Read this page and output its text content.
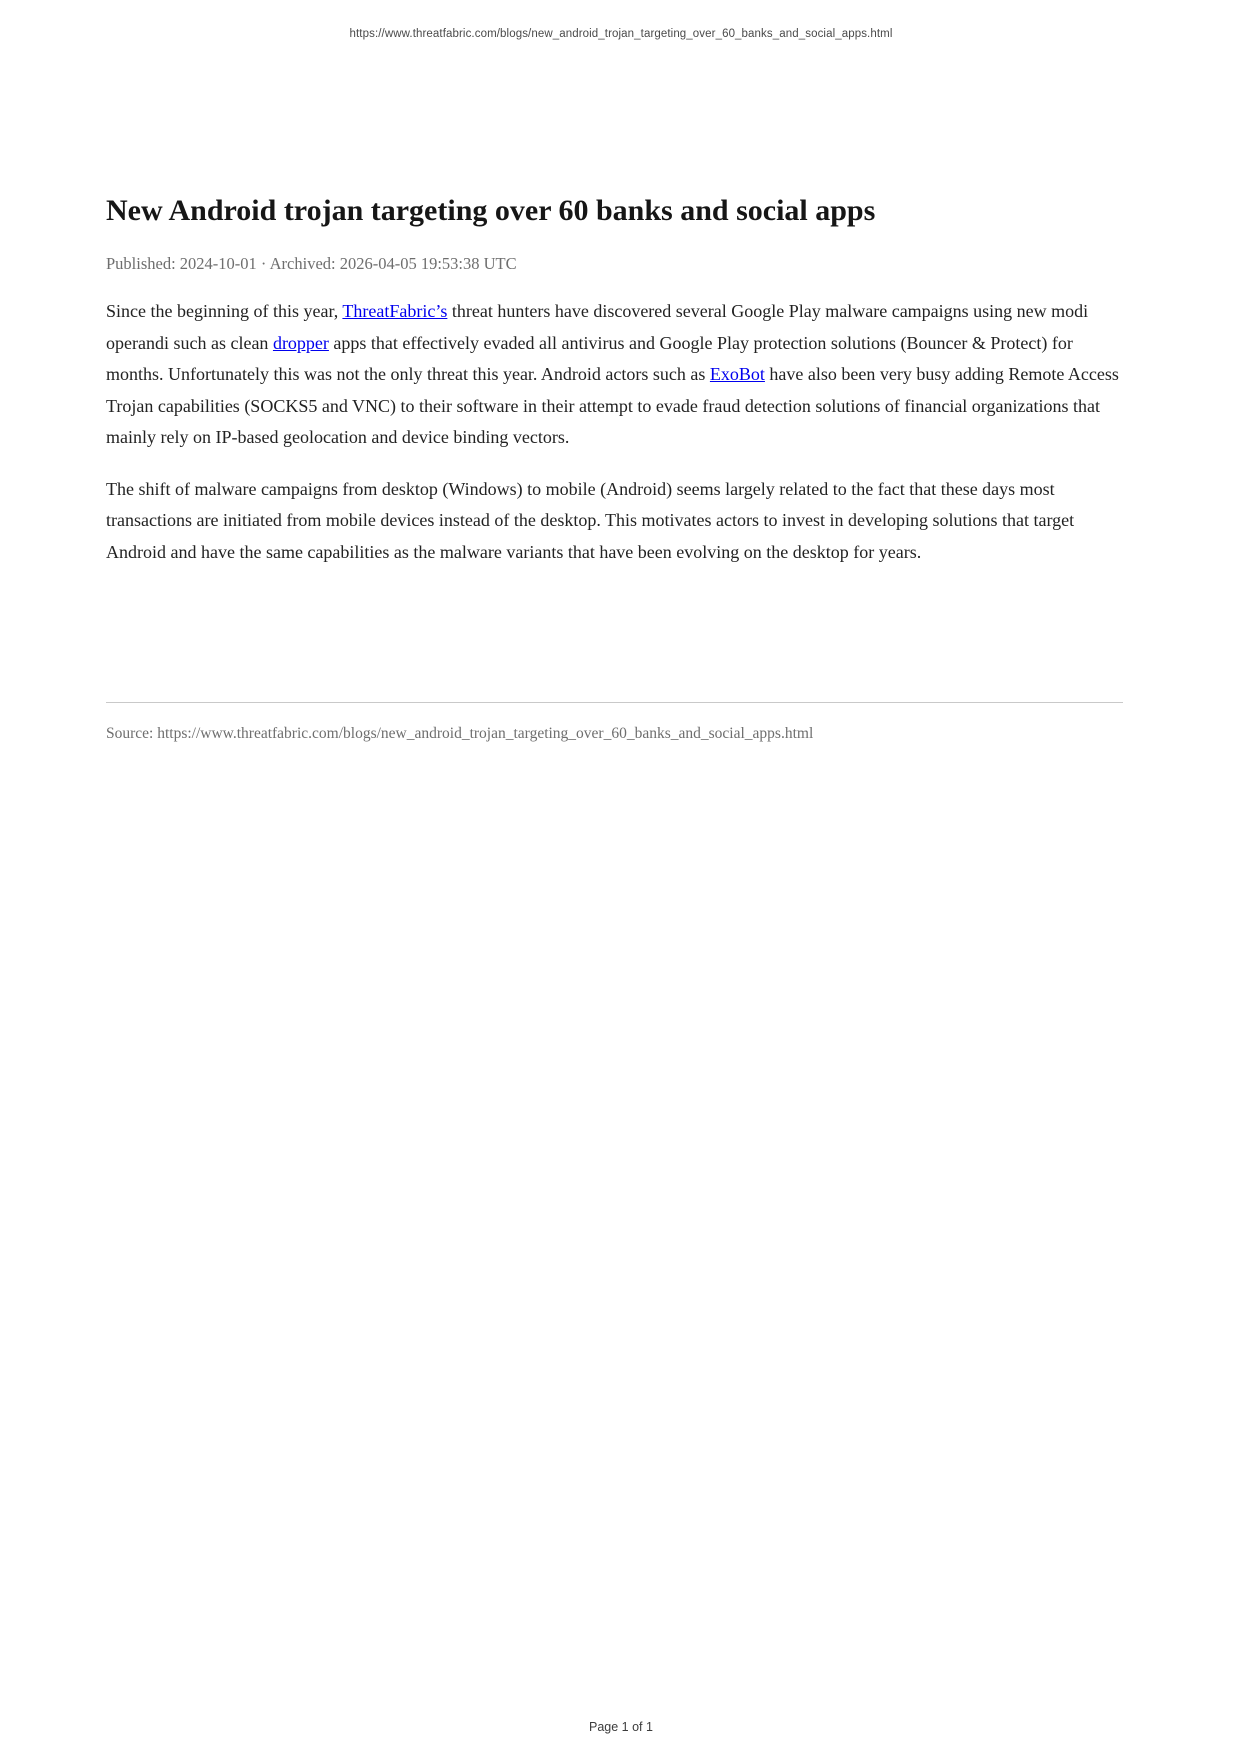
https://www.threatfabric.com/blogs/new_android_trojan_targeting_over_60_banks_and_social_apps.html
New Android trojan targeting over 60 banks and social apps
Published: 2024-10-01 · Archived: 2026-04-05 19:53:38 UTC

Since the beginning of this year, ThreatFabric’s threat hunters have discovered several Google Play malware campaigns using new modi operandi such as clean dropper apps that effectively evaded all antivirus and Google Play protection solutions (Bouncer & Protect) for months. Unfortunately this was not the only threat this year. Android actors such as ExoBot have also been very busy adding Remote Access Trojan capabilities (SOCKS5 and VNC) to their software in their attempt to evade fraud detection solutions of financial organizations that mainly rely on IP-based geolocation and device binding vectors.

The shift of malware campaigns from desktop (Windows) to mobile (Android) seems largely related to the fact that these days most transactions are initiated from mobile devices instead of the desktop. This motivates actors to invest in developing solutions that target Android and have the same capabilities as the malware variants that have been evolving on the desktop for years.

Source: https://www.threatfabric.com/blogs/new_android_trojan_targeting_over_60_banks_and_social_apps.html
Page 1 of 1
